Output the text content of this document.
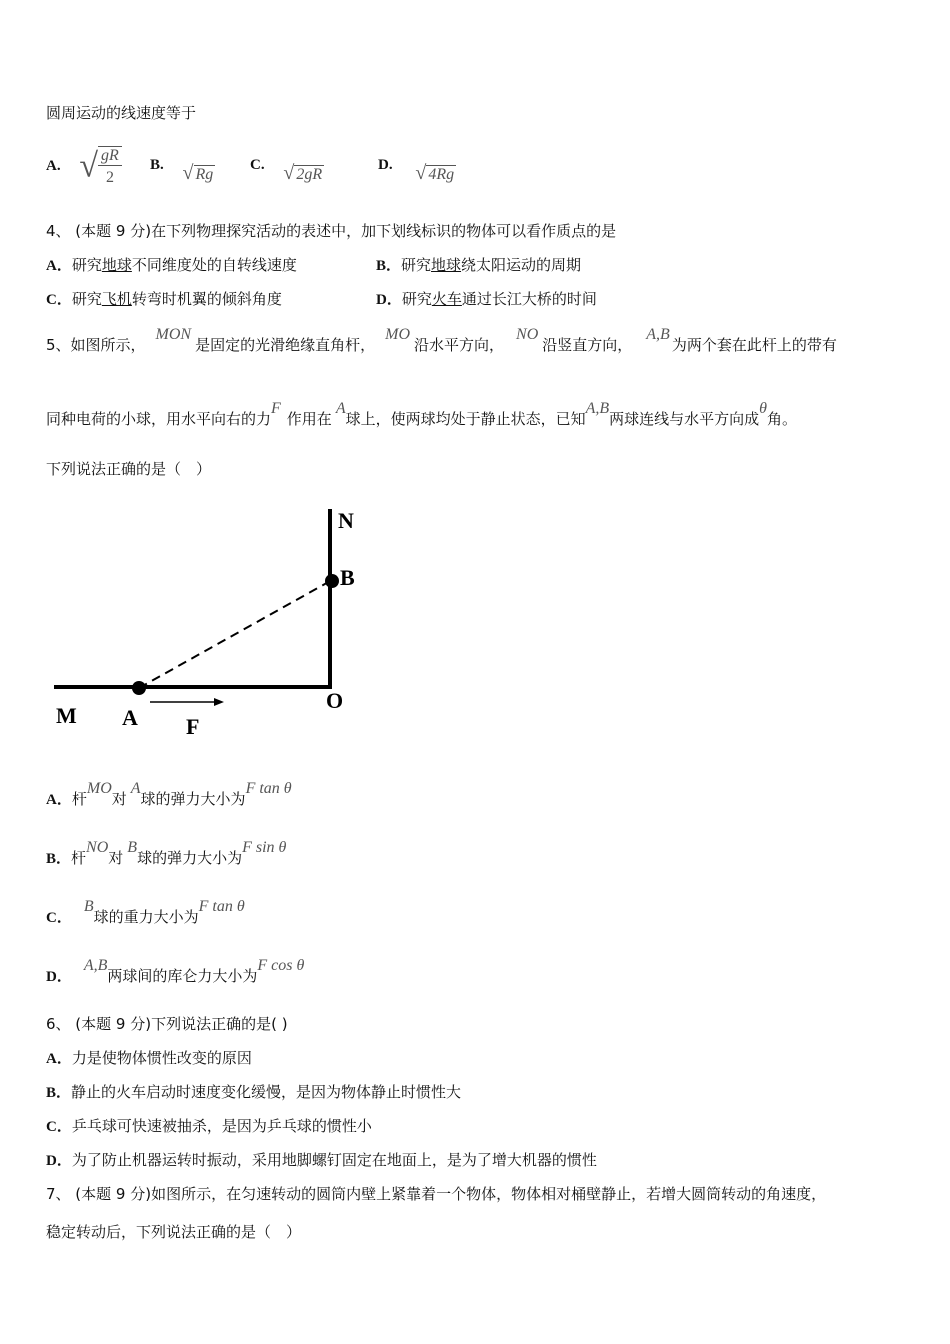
圆周运动的线速度等于
A. √ $\frac{gR}{2} B$. √ Rg
C. √ 2gR
D. √ 4Rg
4、 (本题 9 分)在下列物理探究活动的表述中，加下划线标识的物体可以看作质点的是
A．研究地球不同维度处的自转线速度	B．研究地球绕太阳运动的周期
C．研究飞机转弯时机翼的倾斜角度	D．研究火车通过长江大桥的时间
5、如图所示，MON是固定的光滑绝缘直角杆，MO沿水平方向，NO沿竖直方向，A,B为两个套在此杆上的带有
同种电荷的小球，用水平向右的力F作用在A球上，使两球均处于静止状态，已知A,B两球连线与水平方向成θ角。
下列说法正确的是（　）
N
B
M A
O
F
A．杆MO对A球的弹力大小为F tan θ
B．杆NO对B球的弹力大小为F sin θ
C．B球的重力大小为F tan θ
D．A,B两球间的库仑力大小为F cos θ
6、 (本题 9 分)下列说法正确的是( )
A．力是使物体惯性改变的原因
B．静止的火车启动时速度变化缓慢，是因为物体静止时惯性大
C．乒乓球可快速被抽杀，是因为乒乓球的惯性小
D．为了防止机器运转时振动，采用地脚螺钉固定在地面上，是为了增大机器的惯性
7、 (本题 9 分)如图所示，在匀速转动的圆筒内壁上紧靠着一个物体，物体相对桶壁静止，若增大圆筒转动的角速度，
稳定转动后，下列说法正确的是（　）
